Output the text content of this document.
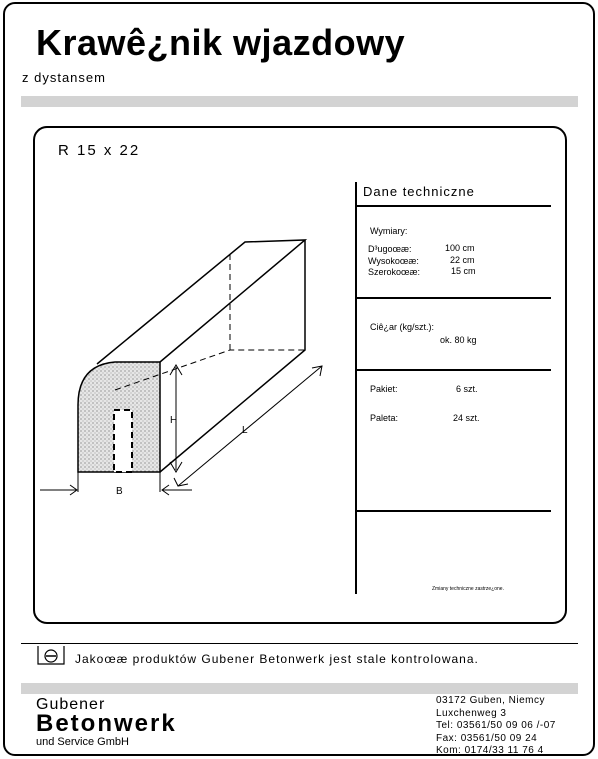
Krawê¿nik wjazdowy
z dystansem
R 15 x 22
H
L
B
Dane techniczne
Wymiary:
D³ugoœæ:	100 cm
Wysokoœæ:	22 cm
Szerokoœæ:	15 cm
Ciê¿ar (kg/szt.):
ok. 80 kg
Pakiet:	6 szt.
Paleta:	24 szt.
Zmiany techniczne zastrze¿one.
Jakoœæ produktów Gubener Betonwerk jest stale kontrolowana.
Gubener
Betonwerk
und Service GmbH
03172 Guben, Niemcy
Luxchenweg 3
Tel: 03561/50 09 06 /-07
Fax: 03561/50 09 24
Kom: 0174/33 11 76 4
